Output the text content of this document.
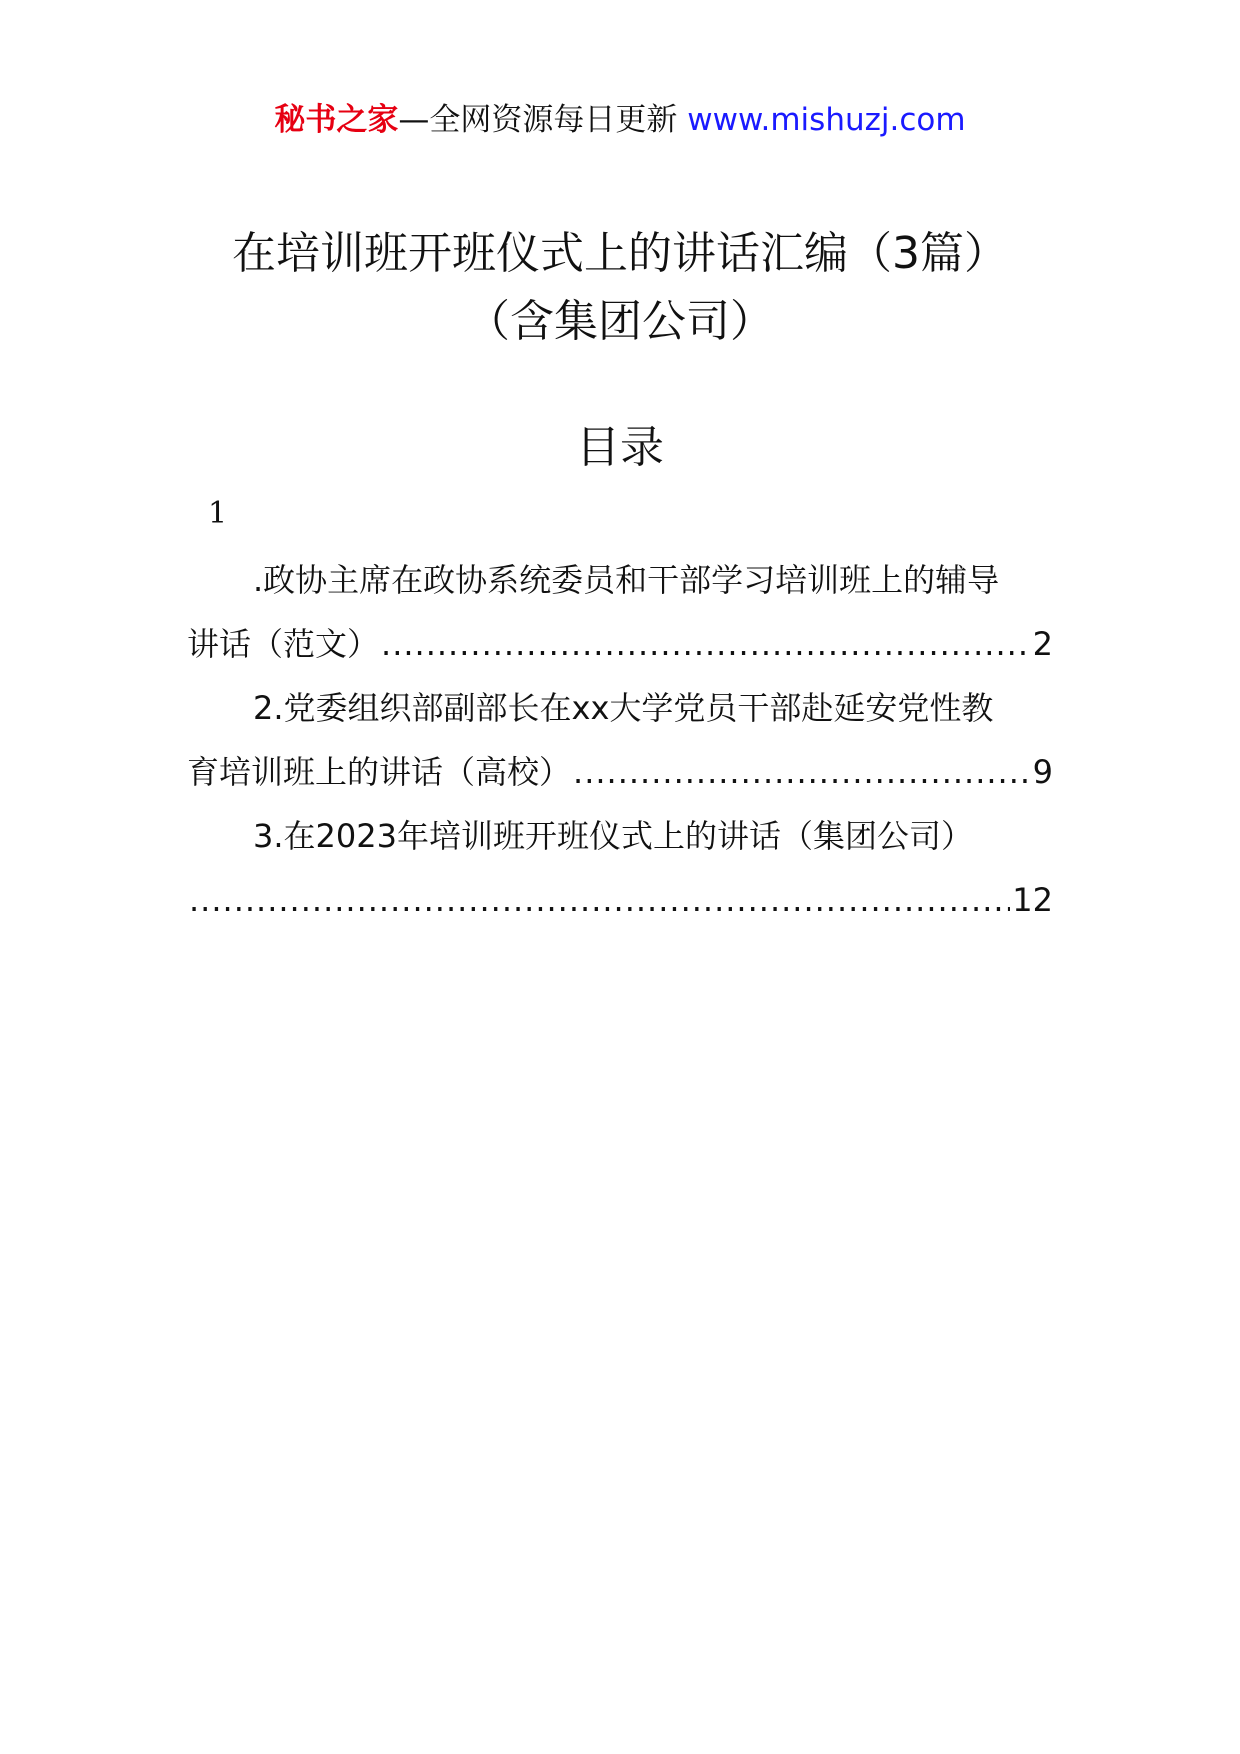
秘书之家—全网资源每日更新 www.mishuzj.com
在培训班开班仪式上的讲话汇编（3篇）
（含集团公司）
目录
1
.政协主席在政协系统委员和干部学习培训班上的辅导
讲话（范文） .....	2
2.党委组织部副部长在xx大学党员干部赴延安党性教
育培训班上的讲话（高校） .....	9
3.在2023年培训班开班仪式上的讲话（集团公司）
.....
12
